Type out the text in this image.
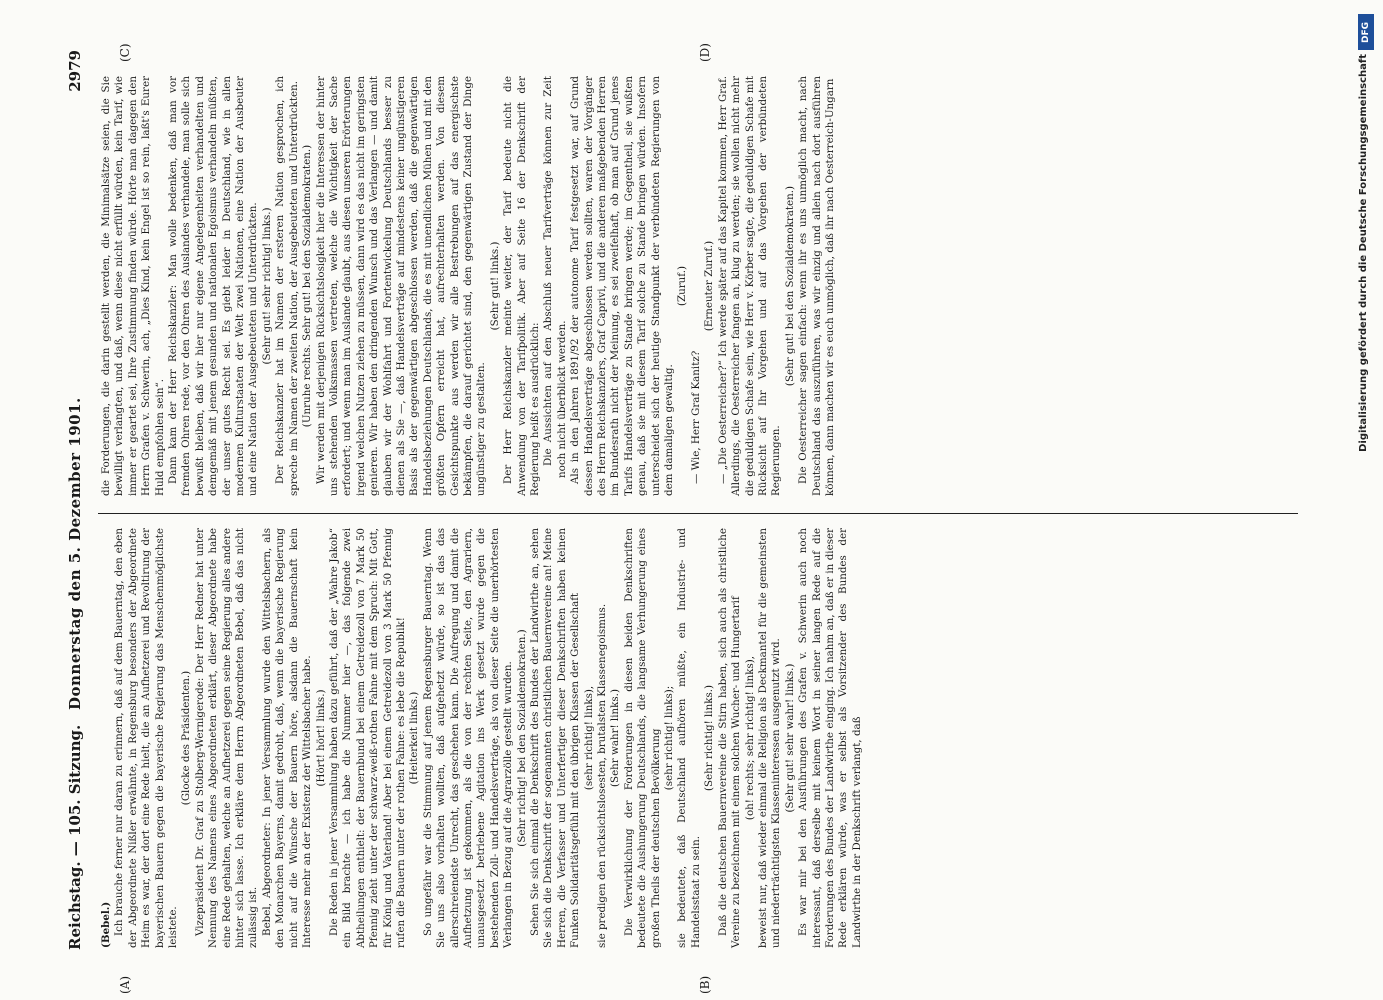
Reichstag. — 105. Sitzung.
Donnerstag den 5. Dezember 1901.
2979
(A)	(B)
(C)	(D)

(Bebel.) Ich brauche ferner nur daran zu erinnern, daß auf dem Bauerntag, den eben der Abgeordnete Nißler erwähnte, in Regensburg besonders der Abgeordnete Heim es war, der dort eine Rede hielt, die an Aufhetzerei und Revoltirung der bayerischen Bauern gegen die bayerische Regierung das Menschenmöglichste leistete.

(Glocke des Präsidenten.) Vizepräsident Dr. Graf zu Stolberg-Wernigerode: Der Herr Redner hat unter Nennung des Namens eines Abgeordneten erklärt, dieser Abgeordnete habe eine Rede gehalten, welche an Aufhetzerei gegen seine Regierung alles andere hinter sich lasse. Ich erkläre dem Herrn Abgeordneten Bebel, daß das nicht zulässig ist. Bebel, Abgeordneter: In jener Versammlung wurde den Wittelsbachern, als den Monarchen Bayerns, damit gedroht, daß, wenn die bayerische Regierung nicht auf die Wünsche der Bauern höre, alsdann die Bauernschaft kein Interesse mehr an der Existenz der Wittelsbacher habe. (Hört! hört! links.) Die Reden in jener Versammlung haben dazu geführt, daß der „Wahre Jakob“ ein Bild brachte — ich habe die Nummer hier —, das folgende zwei Abtheilungen enthielt: der Bauernbund bei einem Getreidezoll von 7 Mark 50 Pfennig zieht unter der schwarz-weiß-rothen Fahne mit dem Spruch: Mit Gott, für König und Vaterland! Aber bei einem Getreidezoll von 3 Mark 50 Pfennig rufen die Bauern unter der rothen Fahne: es lebe die Republik! (Heiterkeit links.) So ungefähr war die Stimmung auf jenem Regensburger Bauerntag. Wenn Sie uns also vorhalten wollten, daß aufgehetzt würde, so ist das das allerschreiendste Unrecht, das geschehen kann. Die Aufregung und damit die Aufhetzung ist gekommen, als die von der rechten Seite, den Agrariern, unausgesetzt betriebene Agitation ins Werk gesetzt wurde gegen die bestehenden Zoll- und Handelsverträge, als von dieser Seite die unerhörtesten Verlangen in Bezug auf die Agrarzölle gestellt wurden. (Sehr richtig! bei den Sozialdemokraten.) Sehen Sie sich einmal die Denkschrift des Bundes der Landwirthe an, sehen Sie sich die Denkschrift der sogenannten christlichen Bauernvereine an! Meine Herren, die Verfasser und Unterfertiger dieser Denkschriften haben keinen Funken Solidaritätsgefühl mit den übrigen Klassen der Gesellschaft (sehr richtig! links), sie predigen den rücksichtslosesten, brutalsten Klassenegoismus. (Sehr wahr! links.) Die Verwirklichung der Forderungen in diesen beiden Denkschriften bedeutete die Aushungerung Deutschlands, die langsame Verhungerung eines großen Theils der deutschen Bevölkerung (sehr richtig! links); sie bedeutete, daß Deutschland aufhören müßte, ein Industrie- und Handelsstaat zu sein.

(Sehr richtig! links.) Daß die deutschen Bauernvereine die Stirn haben, sich auch als christliche Vereine zu bezeichnen mit einem solchen Wucher- und Hungertarif (oh! rechts; sehr richtig! links), beweist nur, daß wieder einmal die Religion als Deckmantel für die gemeinsten und niederträchtigsten Klasseninteressen ausgenutzt wird. (Sehr gut! sehr wahr! links.) Es war mir bei den Ausführungen des Grafen v. Schwerin auch noch interessant, daß derselbe mit keinem Wort in seiner langen Rede auf die Forderungen des Bundes der Landwirthe einging. Ich nahm an, daß er in dieser Rede erklären würde, was er selbst als Vorsitzender des Bundes der Landwirthe in der Denkschrift verlangt, daß

die Forderungen, die darin gestellt werden, die Minimalsätze seien, die Sie bewilligt verlangten, und daß, wenn diese nicht erfüllt würden, kein Tarif, wie immer er geartet sei, Ihre Zustimmung finden würde. Hörte man dagegen den Herrn Grafen v. Schwerin, ach, „Dies Kind, kein Engel ist so rein, laßt's Eurer Huld empfohlen sein“. Dann kam der Herr Reichskanzler: Man wolle bedenken, daß man vor fremden Ohren rede, vor den Ohren des Auslandes verhandele, man solle sich bewußt bleiben, daß wir hier nur eigene Angelegenheiten verhandelten und demgemäß mit jenem gesunden und nationalen Egoismus verhandeln müßten, der unser gutes Recht sei. Es giebt leider in Deutschland, wie in allen modernen Kulturstaaten der Welt zwei Nationen, eine Nation der Ausbeuter und eine Nation der Ausgebeuteten und Unterdrückten. (Sehr gut! sehr richtig! links.) Der Reichskanzler hat im Namen der ersteren Nation gesprochen, ich spreche im Namen der zweiten Nation, der Ausgebeuteten und Unterdrückten. (Unruhe rechts. Sehr gut! bei den Sozialdemokraten.) Wir werden mit derjenigen Rücksichtslosigkeit hier die Interessen der hinter uns stehenden Volksmassen vertreten, welche die Wichtigkeit der Sache erfordert; und wenn man im Auslande glaubt, aus diesen unseren Erörterungen irgend welchen Nutzen ziehen zu müssen, dann wird es das nicht im geringsten genieren. Wir haben den dringenden Wunsch und das Verlangen — und damit glauben wir der Wohlfahrt und Fortentwickelung Deutschlands besser zu dienen als Sie —, daß Handelsverträge auf mindestens keiner ungünstigeren Basis als der gegenwärtigen abgeschlossen werden, daß die gegenwärtigen Handelsbeziehungen Deutschlands, die es mit unendlichen Mühen und mit den größten Opfern erreicht hat, aufrechterhalten werden. Von diesem Gesichtspunkte aus werden wir alle Bestrebungen auf das energischste bekämpfen, die darauf gerichtet sind, den gegenwärtigen Zustand der Dinge ungünstiger zu gestalten.

(Sehr gut! links.) Der Herr Reichskanzler meinte weiter, der Tarif bedeute nicht die Anwendung von der Tarifpolitik. Aber auf Seite 16 der Denkschrift der Regierung heißt es ausdrücklich: Die Aussichten auf den Abschluß neuer Tarifverträge können zur Zeit noch nicht überblickt werden. Als in den Jahren 1891/92 der autonome Tarif festgesetzt war, auf Grund dessen Handelsverträge abgeschlossen werden sollten, waren der Vorgänger des Herrn Reichskanzlers, Graf Caprivi, und die anderen maßgebenden Herren im Bundesrath nicht der Meinung, es sei zweifelhaft, ob man auf Grund jenes Tarifs Handelsverträge zu Stande bringen werde; im Gegentheil, sie wußten genau, daß sie mit diesem Tarif solche zu Stande bringen würden. Insofern unterscheidet sich der heutige Standpunkt der verbündeten Regierungen von dem damaligen gewaltig.

(Zuruf.)

— Wie, Herr Graf Kanitz?

(Erneuter Zuruf.) — „Die Oesterreicher?“ Ich werde später auf das Kapitel kommen, Herr Graf. Allerdings, die Oesterreicher fangen an, klug zu werden; sie wollen nicht mehr die geduldigen Schafe sein, wie Herr v. Körber sagte, die geduldigen Schafe mit Rücksicht auf Ihr Vorgehen und auf das Vorgehen der verbündeten Regierungen.

(Sehr gut! bei den Sozialdemokraten.) Die Oesterreicher sagen einfach: wenn ihr es uns unmöglich macht, nach Deutschland das auszuführen, was wir einzig und allein nach dort ausführen können, dann machen wir es euch unmöglich, daß ihr nach Oesterreich-Ungarn

DFG
Digitalisierung gefördert durch die Deutsche Forschungsgemeinschaft
